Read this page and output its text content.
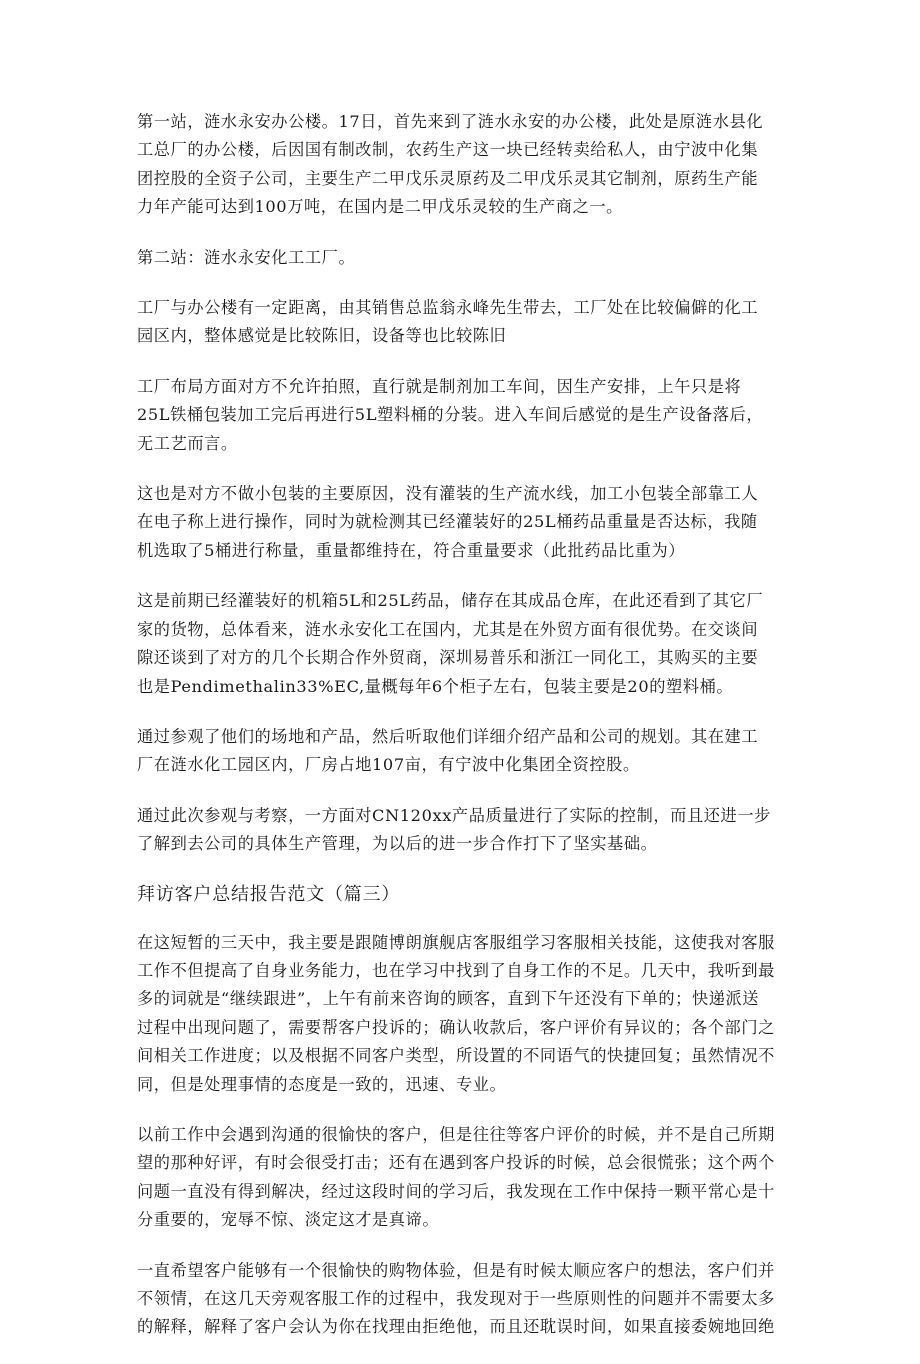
第一站，涟水永安办公楼。17日，首先来到了涟水永安的办公楼，此处是原涟水县化
工总厂的办公楼，后因国有制改制，农药生产这一块已经转卖给私人，由宁波中化集
团控股的全资子公司，主要生产二甲戊乐灵原药及二甲戊乐灵其它制剂，原药生产能
力年产能可达到100万吨，在国内是二甲戊乐灵较的生产商之一。

第二站：涟水永安化工工厂。

工厂与办公楼有一定距离，由其销售总监翁永峰先生带去，工厂处在比较偏僻的化工
园区内，整体感觉是比较陈旧，设备等也比较陈旧

工厂布局方面对方不允许拍照，直行就是制剂加工车间，因生产安排，上午只是将
25L铁桶包装加工完后再进行5L塑料桶的分装。进入车间后感觉的是生产设备落后，
无工艺而言。

这也是对方不做小包装的主要原因，没有灌装的生产流水线，加工小包装全部靠工人
在电子称上进行操作，同时为就检测其已经灌装好的25L桶药品重量是否达标，我随
机选取了5桶进行称量，重量都维持在，符合重量要求（此批药品比重为）

这是前期已经灌装好的机箱5L和25L药品，储存在其成品仓库，在此还看到了其它厂
家的货物，总体看来，涟水永安化工在国内，尤其是在外贸方面有很优势。在交谈间
隙还谈到了对方的几个长期合作外贸商，深圳易普乐和浙江一同化工，其购买的主要
也是Pendimethalin33%EC,量概每年6个柜子左右，包装主要是20的塑料桶。

通过参观了他们的场地和产品，然后听取他们详细介绍产品和公司的规划。其在建工
厂在涟水化工园区内，厂房占地107亩，有宁波中化集团全资控股。

通过此次参观与考察，一方面对CN120xx产品质量进行了实际的控制，而且还进一步
了解到去公司的具体生产管理，为以后的进一步合作打下了坚实基础。

拜访客户总结报告范文（篇三）

在这短暂的三天中，我主要是跟随博朗旗舰店客服组学习客服相关技能，这使我对客服
工作不但提高了自身业务能力，也在学习中找到了自身工作的不足。几天中，我听到最
多的词就是“继续跟进”，上午有前来咨询的顾客，直到下午还没有下单的；快递派送
过程中出现问题了，需要帮客户投诉的；确认收款后，客户评价有异议的；各个部门之
间相关工作进度；以及根据不同客户类型，所设置的不同语气的快捷回复；虽然情况不
同，但是处理事情的态度是一致的，迅速、专业。

以前工作中会遇到沟通的很愉快的客户，但是往往等客户评价的时候，并不是自己所期
望的那种好评，有时会很受打击；还有在遇到客户投诉的时候，总会很慌张；这个两个
问题一直没有得到解决，经过这段时间的学习后，我发现在工作中保持一颗平常心是十
分重要的，宠辱不惊、淡定这才是真谛。

一直希望客户能够有一个很愉快的购物体验，但是有时候太顺应客户的想法，客户们并
不领情，在这几天旁观客服工作的过程中，我发现对于一些原则性的问题并不需要太多
的解释，解释了客户会认为你在找理由拒绝他，而且还耽误时间，如果直接委婉地回绝
